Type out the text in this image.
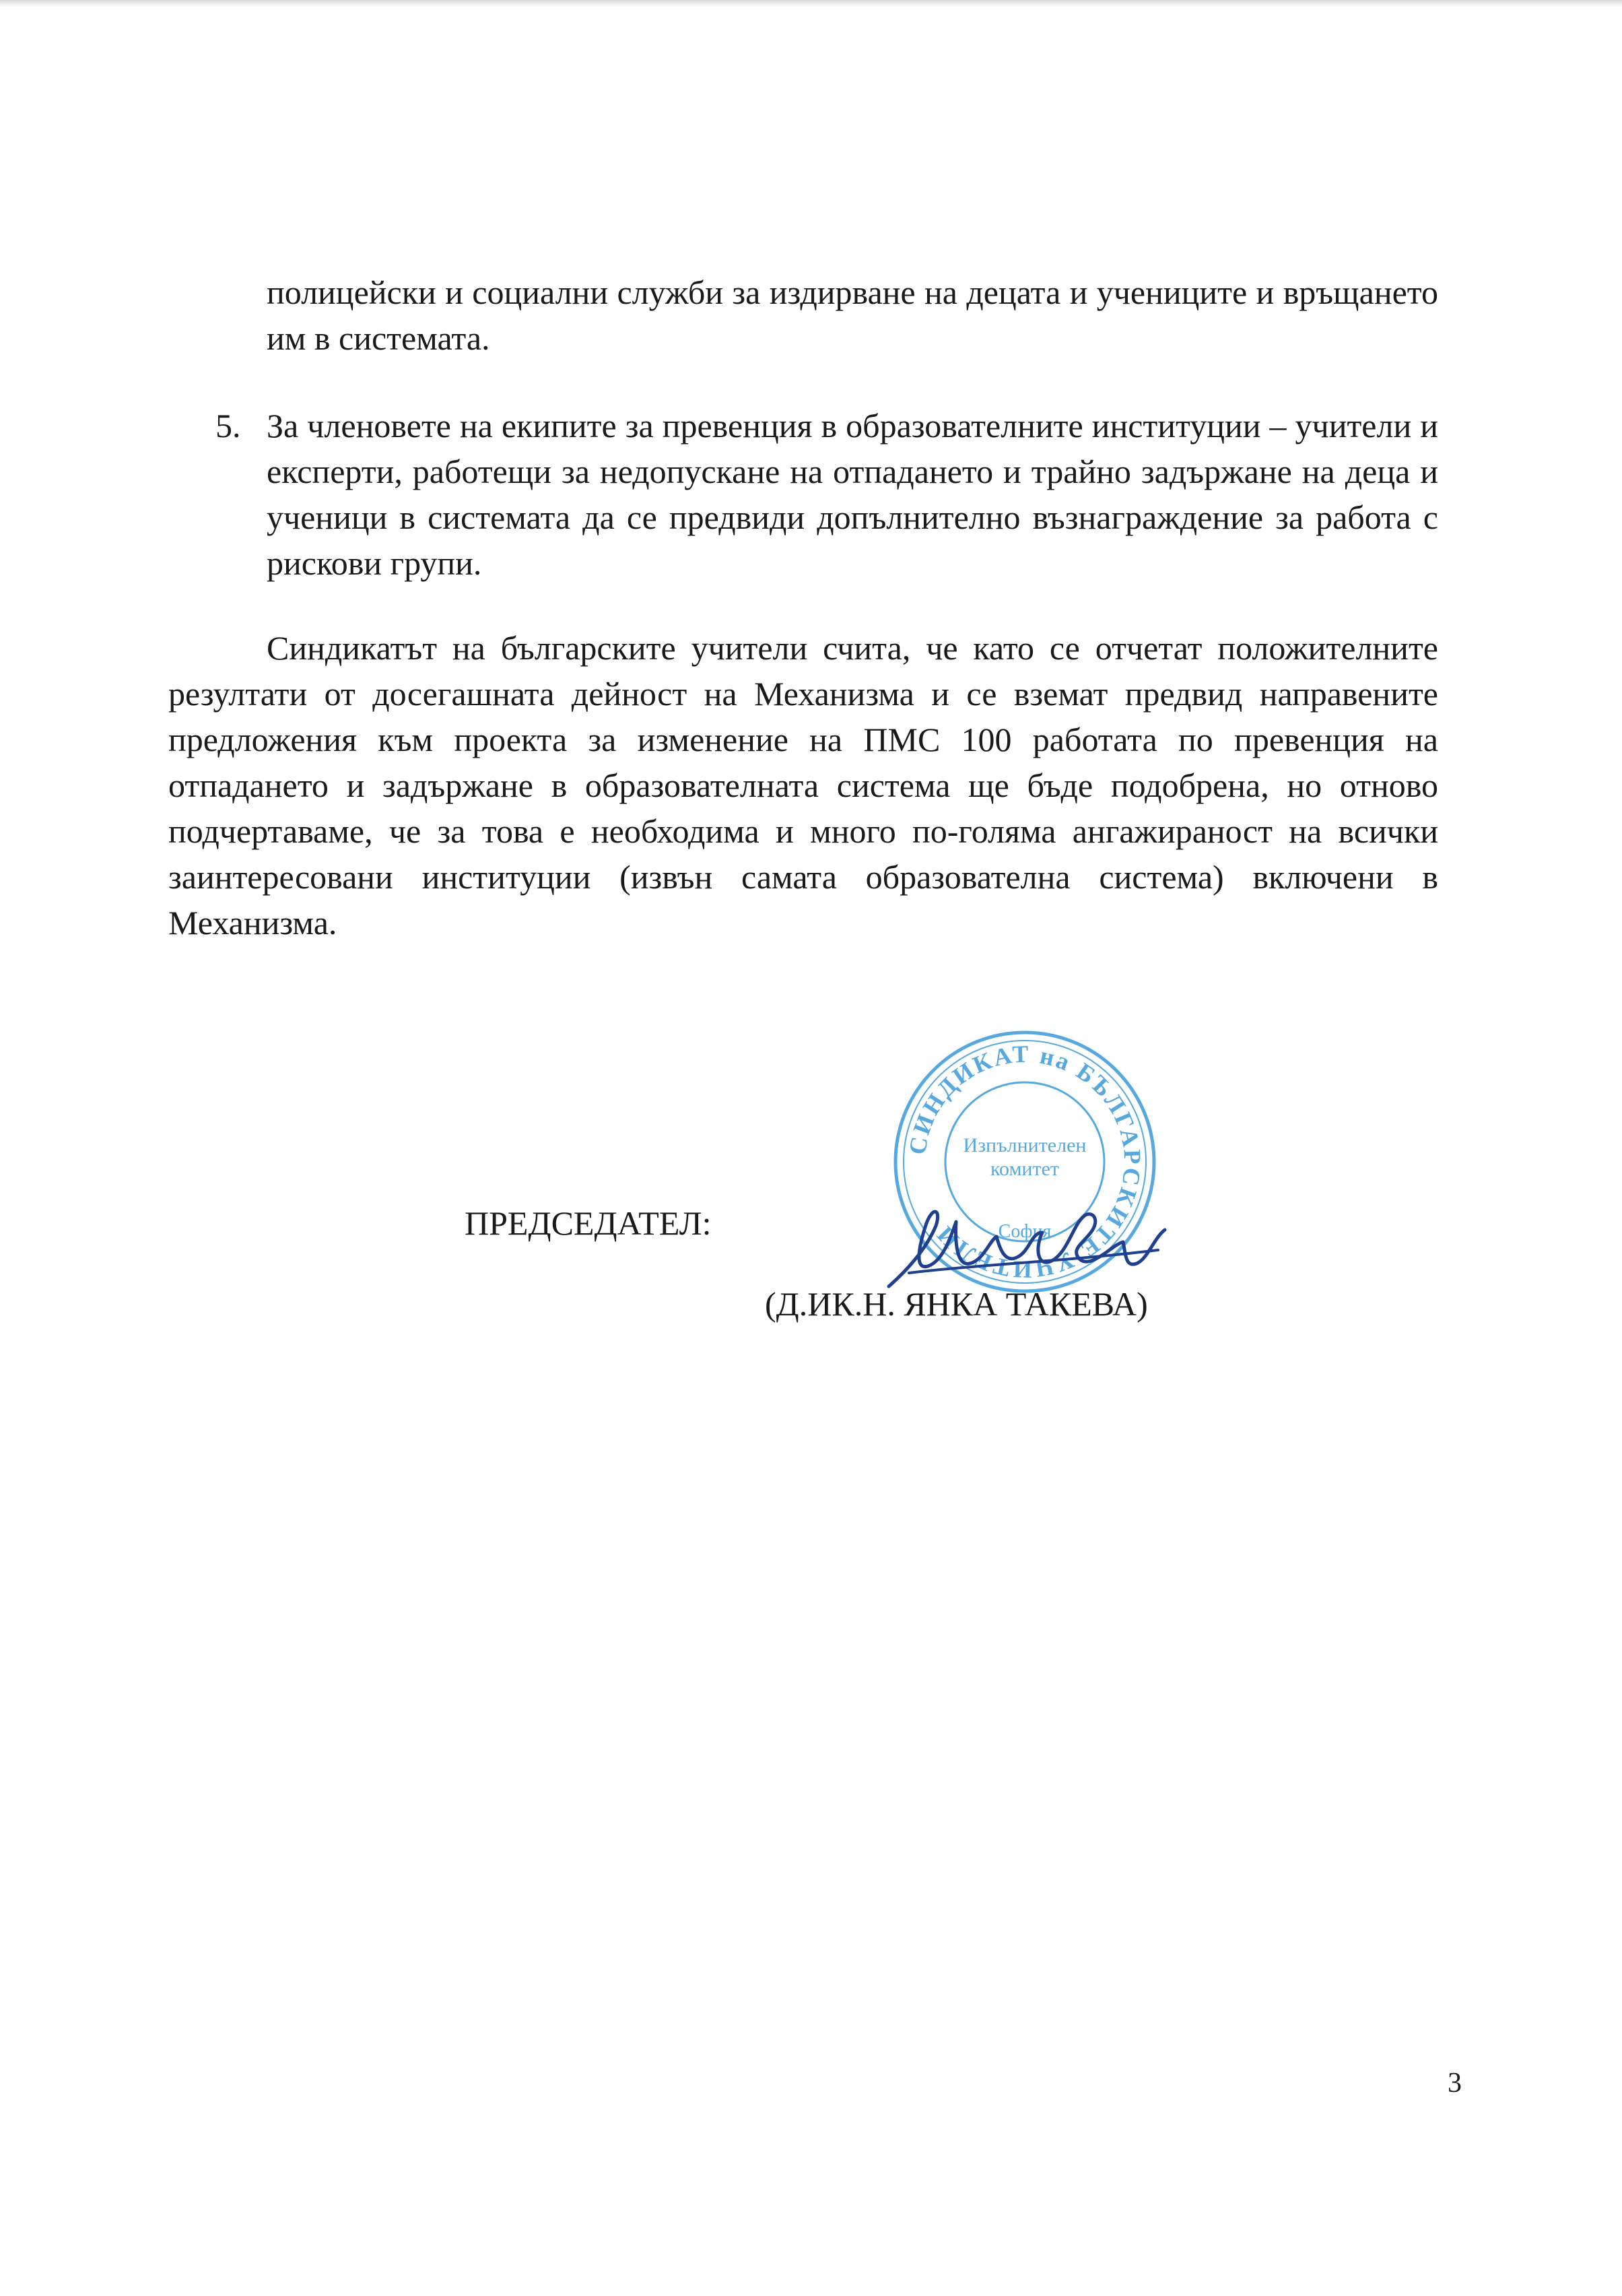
полицейски и социални служби за издирване на децата и учениците и връщането им в системата.
5. За членовете на екипите за превенция в образователните институции – учители и експерти, работещи за недопускане на отпадането и трайно задържане на деца и ученици в системата да се предвиди допълнително възнаграждение за работа с рискови групи.
Синдикатът на българските учители счита, че като се отчетат положителните резултати от досегашната дейност на Механизма и се вземат предвид направените предложения към проекта за изменение на ПМС 100 работата по превенция на отпадането и задържане в образователната система ще бъде подобрена, но отново подчертаваме, че за това е необходима и много по-голяма ангажираност на всички заинтересовани институции (извън самата образователна система) включени в Механизма.
ПРЕДСЕДАТЕЛ:
(Д.ИК.Н. ЯНКА ТАКЕВА)
СИНДИКАТ на БЪЛГАРСКИТЕ УЧИТЕЛИ
Изпълнителен
комитет
София
3
